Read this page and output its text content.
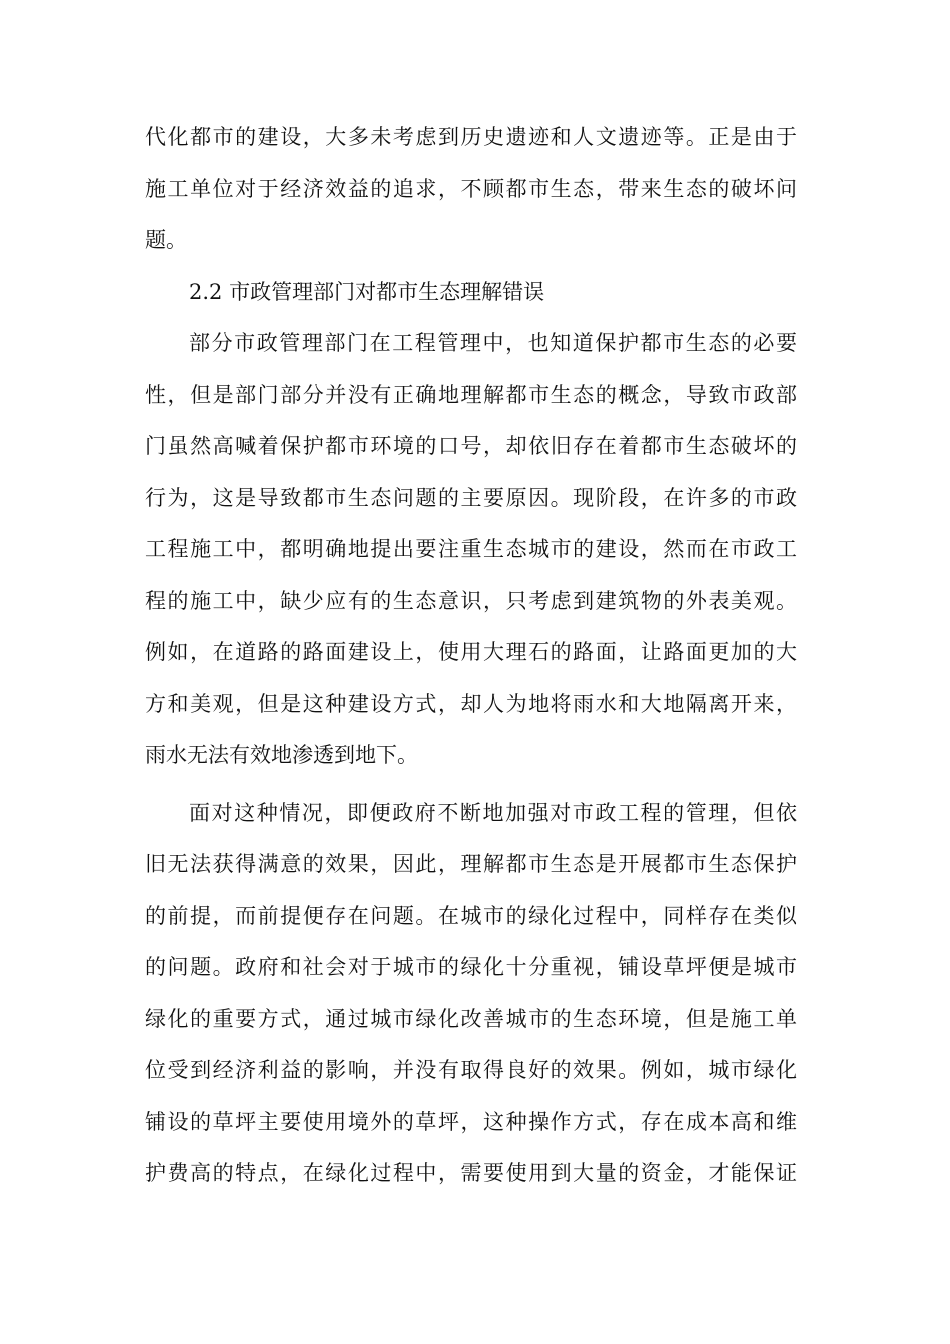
代化都市的建设，大多未考虑到历史遗迹和人文遗迹等。正是由于
施工单位对于经济效益的追求，不顾都市生态，带来生态的破坏问
题。
2.2 市政管理部门对都市生态理解错误
部分市政管理部门在工程管理中，也知道保护都市生态的必要
性，但是部门部分并没有正确地理解都市生态的概念，导致市政部
门虽然高喊着保护都市环境的口号，却依旧存在着都市生态破坏的
行为，这是导致都市生态问题的主要原因。现阶段，在许多的市政
工程施工中，都明确地提出要注重生态城市的建设，然而在市政工
程的施工中，缺少应有的生态意识，只考虑到建筑物的外表美观。
例如，在道路的路面建设上，使用大理石的路面，让路面更加的大
方和美观，但是这种建设方式，却人为地将雨水和大地隔离开来，
雨水无法有效地渗透到地下。
面对这种情况，即便政府不断地加强对市政工程的管理，但依
旧无法获得满意的效果，因此，理解都市生态是开展都市生态保护
的前提，而前提便存在问题。在城市的绿化过程中，同样存在类似
的问题。政府和社会对于城市的绿化十分重视，铺设草坪便是城市
绿化的重要方式，通过城市绿化改善城市的生态环境，但是施工单
位受到经济利益的影响，并没有取得良好的效果。例如，城市绿化
铺设的草坪主要使用境外的草坪，这种操作方式，存在成本高和维
护费高的特点，在绿化过程中，需要使用到大量的资金，才能保证
